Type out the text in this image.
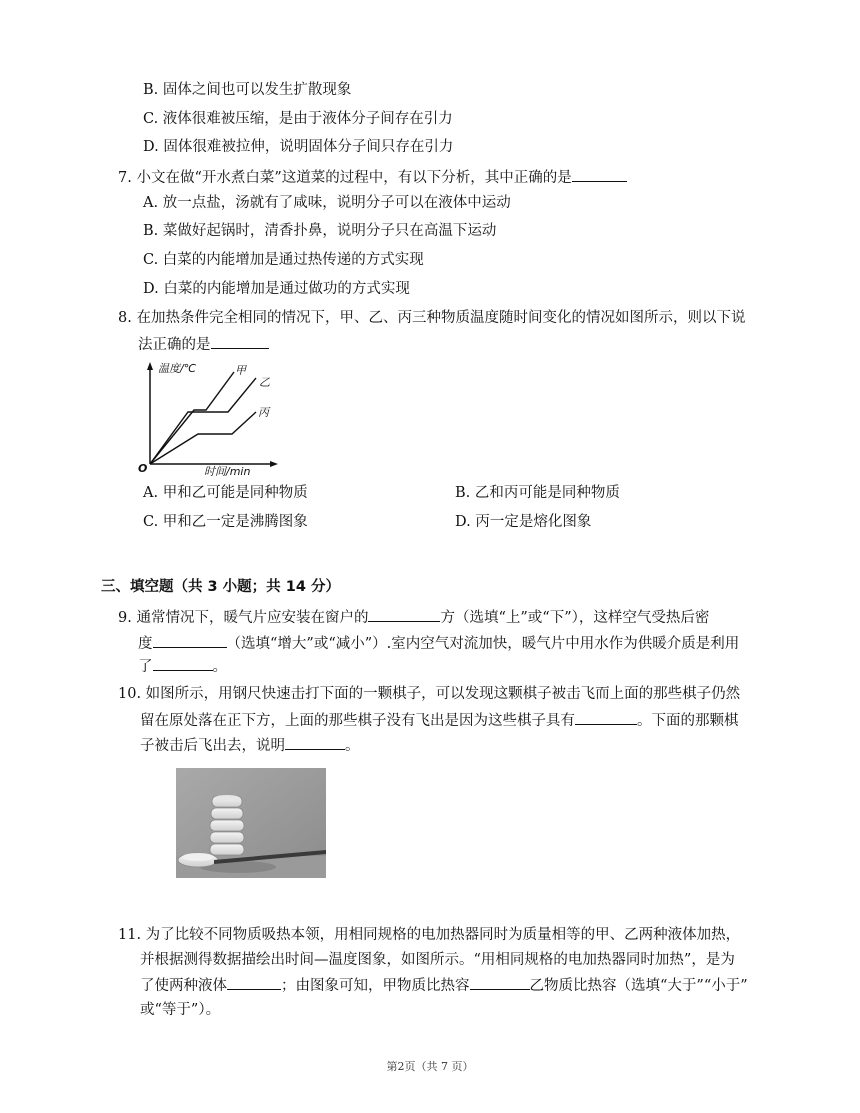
B. 固体之间也可以发生扩散现象
C. 液体很难被压缩，是由于液体分子间存在引力
D. 固体很难被拉伸，说明固体分子间只存在引力
7. 小文在做“开水煮白菜”这道菜的过程中，有以下分析，其中正确的是
A. 放一点盐，汤就有了咸味，说明分子可以在液体中运动
B. 菜做好起锅时，清香扑鼻，说明分子只在高温下运动
C. 白菜的内能增加是通过热传递的方式实现
D. 白菜的内能增加是通过做功的方式实现
8. 在加热条件完全相同的情况下，甲、乙、丙三种物质温度随时间变化的情况如图所示，则以下说
法正确的是
温度/℃
时间/min
O
甲
乙
丙
A. 甲和乙可能是同种物质	B. 乙和丙可能是同种物质
C. 甲和乙一定是沸腾图象	D. 丙一定是熔化图象
三、填空题（共 3 小题；共 14 分）
9. 通常情况下，暖气片应安装在窗户的	方（选填“上”或“下”），这样空气受热后密
度	（选填“增大”或“减小”）.室内空气对流加快，暖气片中用水作为供暖介质是利用
了	。
10. 如图所示，用钢尺快速击打下面的一颗棋子，可以发现这颗棋子被击飞而上面的那些棋子仍然
留在原处落在正下方，上面的那些棋子没有飞出是因为这些棋子具有	。下面的那颗棋
子被击后飞出去，说明	。
11. 为了比较不同物质吸热本领，用相同规格的电加热器同时为质量相等的甲、乙两种液体加热，
并根据测得数据描绘出时间—温度图象，如图所示。“用相同规格的电加热器同时加热”，是为
了使两种液体	；由图象可知，甲物质比热容	乙物质比热容（选填“大于”“小于”
或“等于”）。
第2页（共 7 页）
